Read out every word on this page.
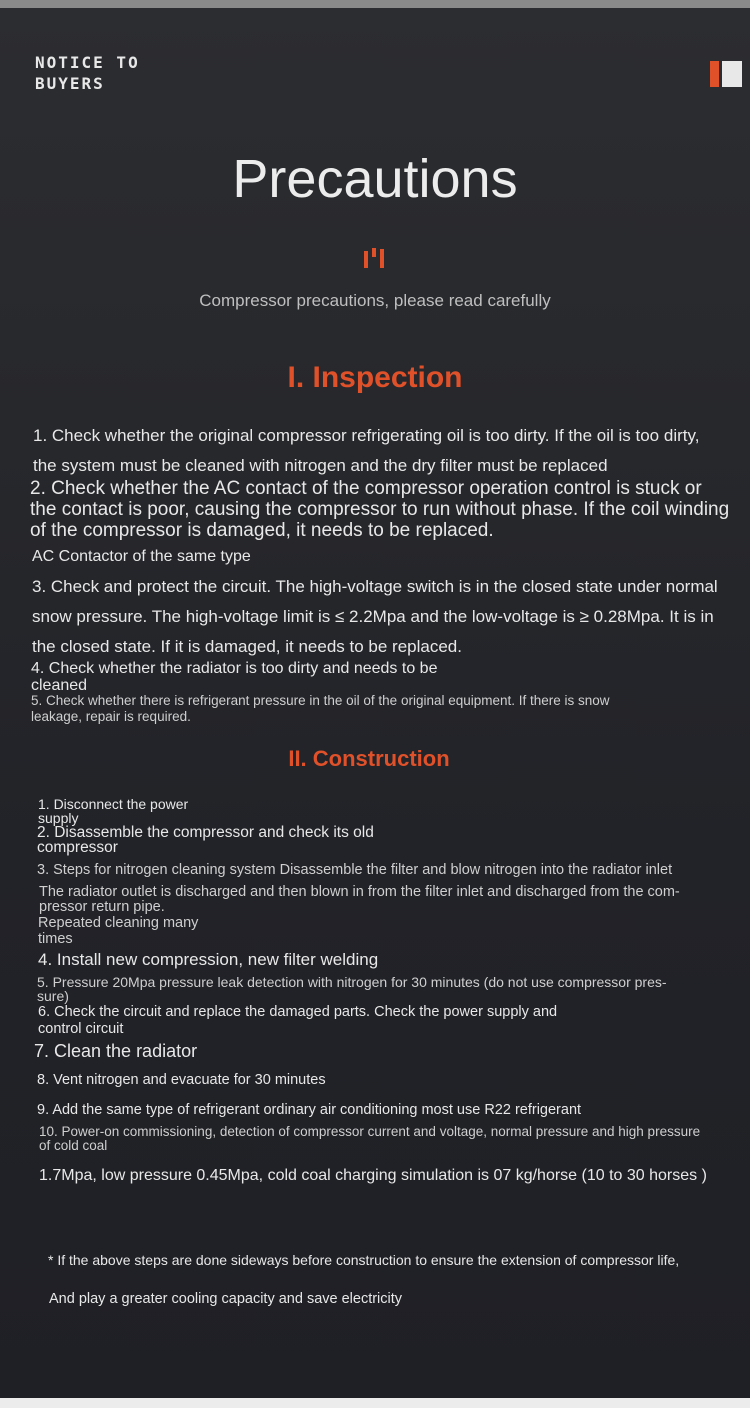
NOTICE TO BUYERS
Precautions
Compressor precautions, please read carefully
I. Inspection
1. Check whether the original compressor refrigerating oil is too dirty. If the oil is too dirty, the system must be cleaned with nitrogen and the dry filter must be replaced
2. Check whether the AC contact of the compressor operation control is stuck or the contact is poor, causing the compressor to run without phase. If the coil winding of the compressor is damaged, it needs to be replaced.
AC Contactor of the same type
3. Check and protect the circuit. The high-voltage switch is in the closed state under normal snow pressure. The high-voltage limit is ≤ 2.2Mpa and the low-voltage is ≥ 0.28Mpa. It is in the closed state. If it is damaged, it needs to be replaced.
4. Check whether the radiator is too dirty and needs to be cleaned
5. Check whether there is refrigerant pressure in the oil of the original equipment. If there is snow leakage, repair is required.
II. Construction
1. Disconnect the power supply
2. Disassemble the compressor and check its old compressor
3. Steps for nitrogen cleaning system Disassemble the filter and blow nitrogen into the radiator inlet
The radiator outlet is discharged and then blown in from the filter inlet and discharged from the com-pressor return pipe.
Repeated cleaning many times
4. Install new compression, new filter welding
5. Pressure 20Mpa pressure leak detection with nitrogen for 30 minutes (do not use compressor pres-sure)
6. Check the circuit and replace the damaged parts. Check the power supply and control circuit
7. Clean the radiator
8. Vent nitrogen and evacuate for 30 minutes
9. Add the same type of refrigerant ordinary air conditioning most use R22 refrigerant
10. Power-on commissioning, detection of compressor current and voltage, normal pressure and high pressure of cold coal
1.7Mpa, low pressure 0.45Mpa, cold coal charging simulation is 07 kg/horse (10 to 30 horses )
* If the above steps are done sideways before construction to ensure the extension of compressor life,
And play a greater cooling capacity and save electricity
